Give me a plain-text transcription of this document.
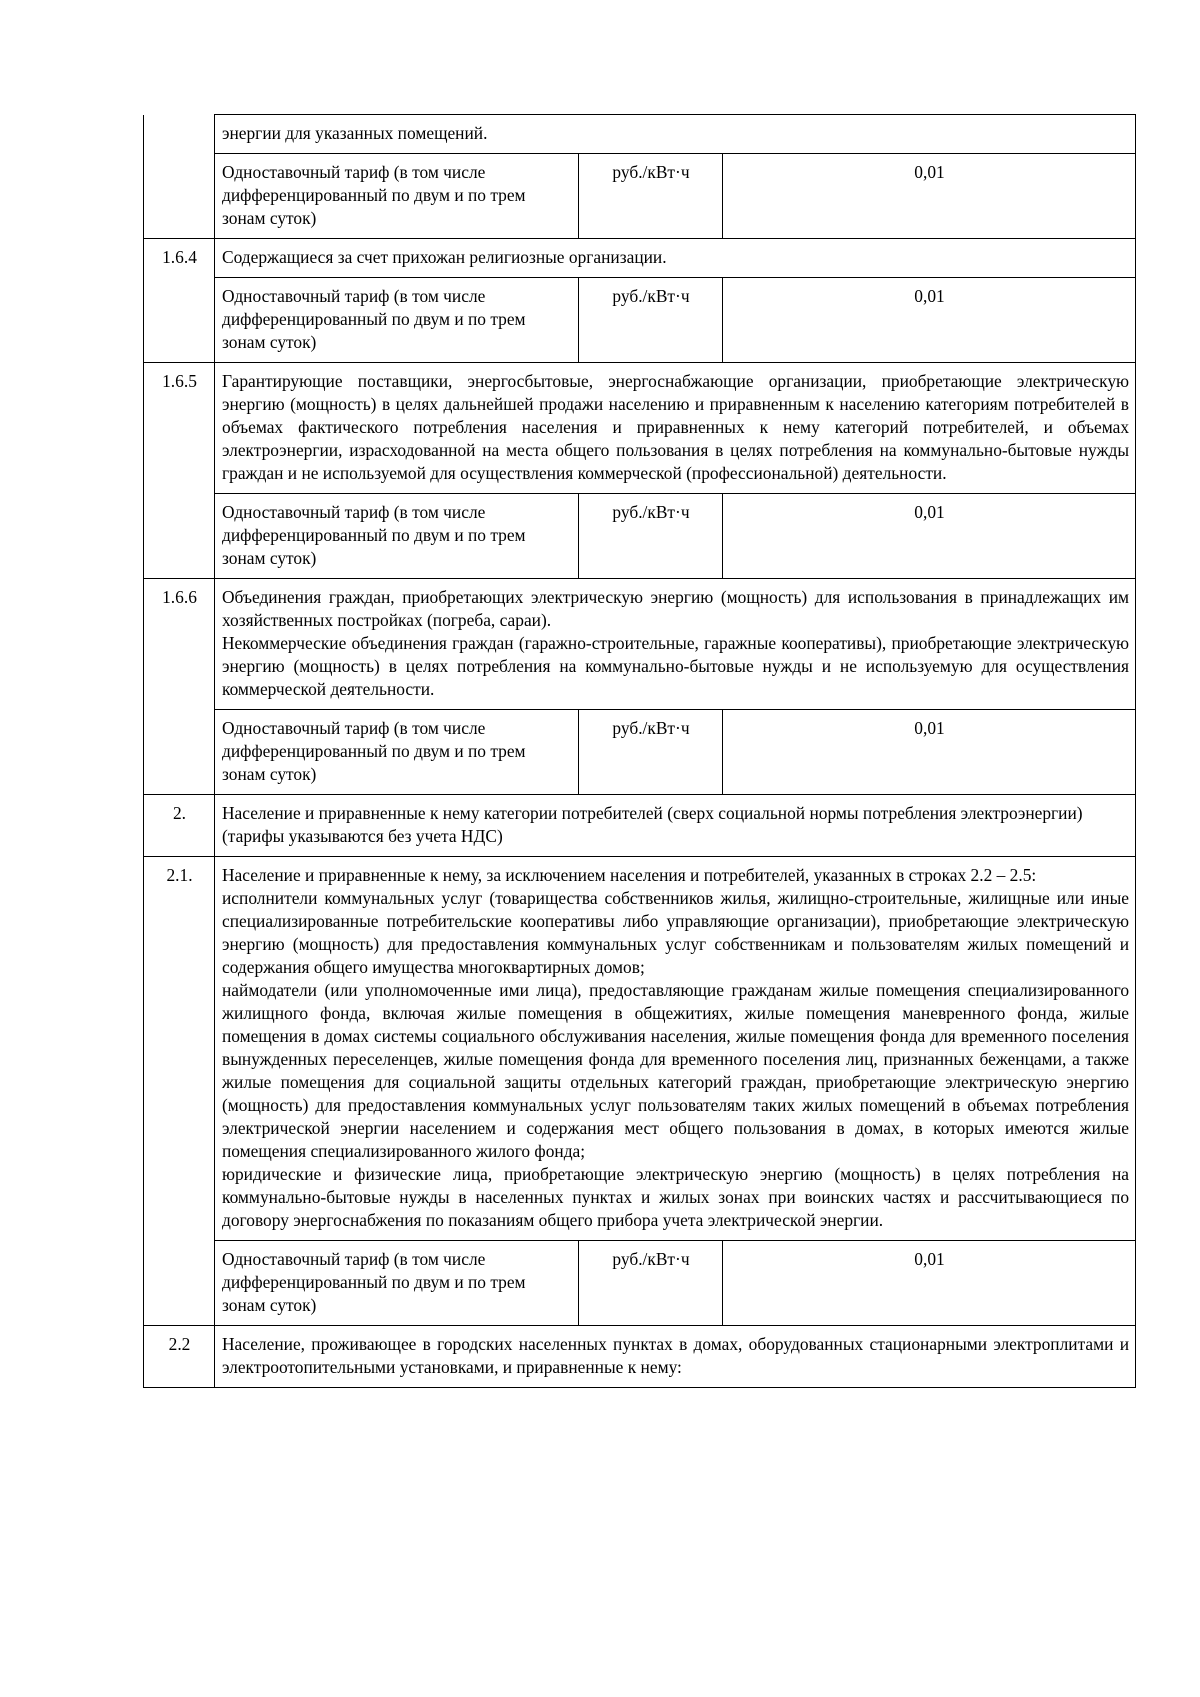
	энергии для указанных помещений.		

	Одноставочный тариф (в том числе дифференцированный по двум и по трем зонам суток)	руб./кВт·ч	0,01
1.6.4	Содержащиеся за счет прихожан религиозные организации.		

	Одноставочный тариф (в том числе дифференцированный по двум и по трем зонам суток)	руб./кВт·ч	0,01
1.6.5	Гарантирующие поставщики, энергосбытовые, энергоснабжающие организации, приобретающие электрическую энергию (мощность) в целях дальнейшей продажи населению и приравненным к населению категориям потребителей в объемах фактического потребления населения и приравненных к нему категорий потребителей, и объемах электроэнергии, израсходованной на места общего пользования в целях потребления на коммунально-бытовые нужды граждан и не используемой для осуществления коммерческой (профессиональной) деятельности.		

	Одноставочный тариф (в том числе дифференцированный по двум и по трем зонам суток)	руб./кВт·ч	0,01
1.6.6	Объединения граждан, приобретающих электрическую энергию (мощность) для использования в принадлежащих им хозяйственных постройках (погреба, сараи).

Некоммерческие объединения граждан (гаражно-строительные, гаражные кооперативы), приобретающие электрическую энергию (мощность) в целях потребления на коммунально-бытовые нужды и не используемую для осуществления коммерческой деятельности.		

	Одноставочный тариф (в том числе дифференцированный по двум и по трем зонам суток)	руб./кВт·ч	0,01
2.	Население и приравненные к нему категории потребителей (сверх социальной нормы потребления электроэнергии) (тарифы указываются без учета НДС)		

2.1.	Население и приравненные к нему, за исключением населения и потребителей, указанных в строках 2.2 – 2.5:

исполнители коммунальных услуг (товарищества собственников жилья, жилищно-строительные, жилищные или иные специализированные потребительские кооперативы либо управляющие организации), приобретающие электрическую энергию (мощность) для предоставления коммунальных услуг собственникам и пользователям жилых помещений и содержания общего имущества многоквартирных домов;

наймодатели (или уполномоченные ими лица), предоставляющие гражданам жилые помещения специализированного жилищного фонда, включая жилые помещения в общежитиях, жилые помещения маневренного фонда, жилые помещения в домах системы социального обслуживания населения, жилые помещения фонда для временного поселения вынужденных переселенцев, жилые помещения фонда для временного поселения лиц, признанных беженцами, а также жилые помещения для социальной защиты отдельных категорий граждан, приобретающие электрическую энергию (мощность) для предоставления коммунальных услуг пользователям таких жилых помещений в объемах потребления электрической энергии населением и содержания мест общего пользования в домах, в которых имеются жилые помещения специализированного жилого фонда;

юридические и физические лица, приобретающие электрическую энергию (мощность) в целях потребления на коммунально-бытовые нужды в населенных пунктах и жилых зонах при воинских частях и рассчитывающиеся по договору энергоснабжения по показаниям общего прибора учета электрической энергии.		

	Одноставочный тариф (в том числе дифференцированный по двум и по трем зонам суток)	руб./кВт·ч	0,01
2.2	Население, проживающее в городских населенных пунктах в домах, оборудованных стационарными электроплитами и электроотопительными установками, и приравненные к нему:		
